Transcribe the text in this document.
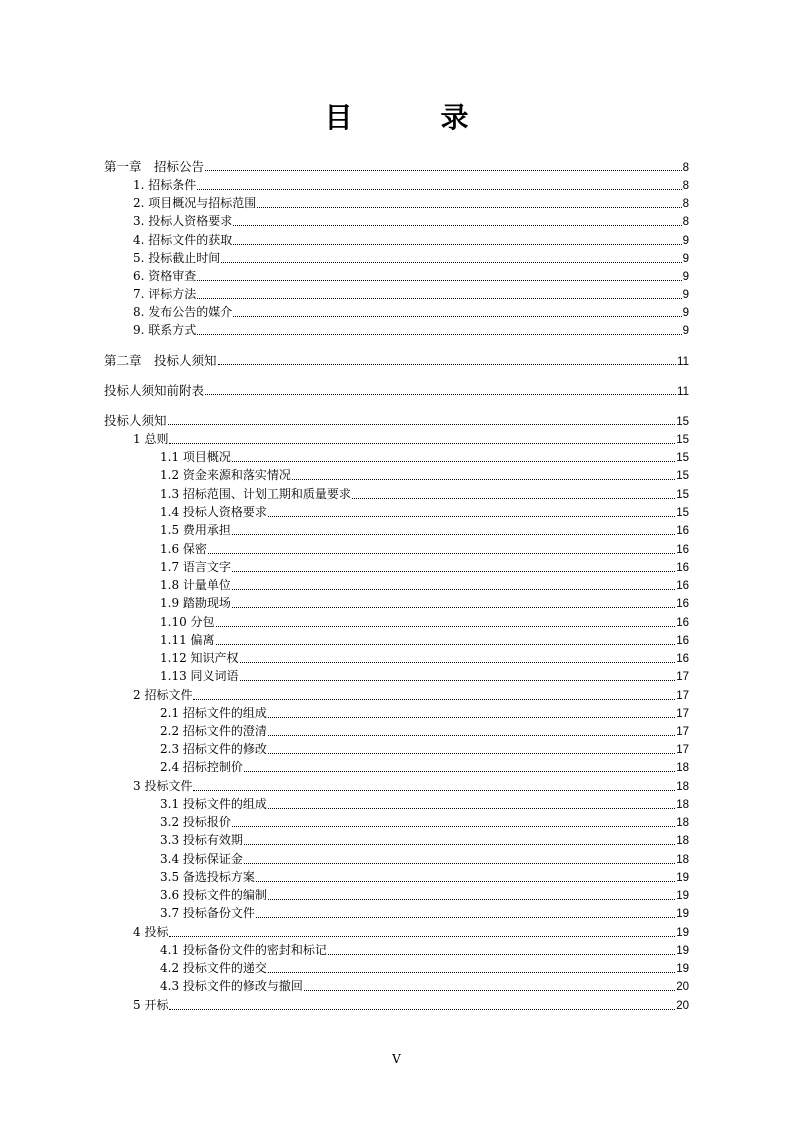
目　录
第一章　招标公告	8
1. 招标条件	8
2. 项目概况与招标范围	8
3. 投标人资格要求	8
4. 招标文件的获取	9
5. 投标截止时间	9
6. 资格审查	9
7. 评标方法	9
8. 发布公告的媒介	9
9. 联系方式	9
第二章　投标人须知	11
投标人须知前附表	11
投标人须知	15
1 总则	15
1.1 项目概况	15
1.2 资金来源和落实情况	15
1.3 招标范围、计划工期和质量要求	15
1.4 投标人资格要求	15
1.5 费用承担	16
1.6 保密	16
1.7 语言文字	16
1.8 计量单位	16
1.9 踏勘现场	16
1.10 分包	16
1.11 偏离	16
1.12 知识产权	16
1.13 同义词语	17
2 招标文件	17
2.1 招标文件的组成	17
2.2 招标文件的澄清	17
2.3 招标文件的修改	17
2.4 招标控制价	18
3 投标文件	18
3.1 投标文件的组成	18
3.2 投标报价	18
3.3 投标有效期	18
3.4 投标保证金	18
3.5 备选投标方案	19
3.6 投标文件的编制	19
3.7 投标备份文件	19
4 投标	19
4.1 投标备份文件的密封和标记	19
4.2 投标文件的递交	19
4.3 投标文件的修改与撤回	20
5 开标	20
V
